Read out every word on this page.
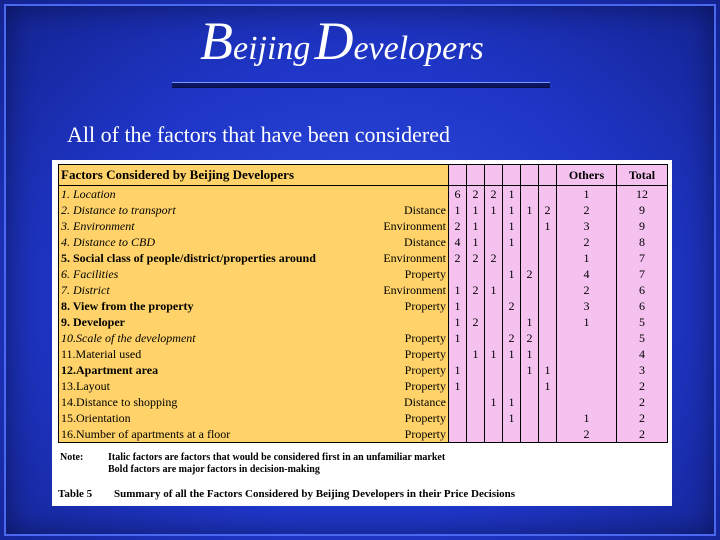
Beijing Developers
All of the factors that have been considered
Factors Considered by Beijing Developers								Others	Total
1. Location		6	2	2	1			1	12
2. Distance to transport	Distance	1	1	1	1	1	2	2	9
3. Environment	Environment	2	1		1		1	3	9
4. Distance to CBD	Distance	4	1		1			2	8
5. Social class of people/district/properties around	Environment	2	2	2				1	7
6. Facilities	Property				1	2		4	7
7. District	Environment	1	2	1				2	6
8. View from the property	Property	1			2			3	6
9. Developer		1	2			1		1	5
10.Scale of the development	Property	1			2	2			5
11.Material used	Property		1	1	1	1			4
12.Apartment area	Property	1				1	1		3
13.Layout	Property	1					1		2
14.Distance to shopping	Distance			1	1				2
15.Orientation	Property				1			1	2
16.Number of apartments at a floor	Property							2	2
Note: Italic factors are factors that would be considered first in an unfamiliar market
Bold factors are major factors in decision-making
Table 5 Summary of all the Factors Considered by Beijing Developers in their Price Decisions
